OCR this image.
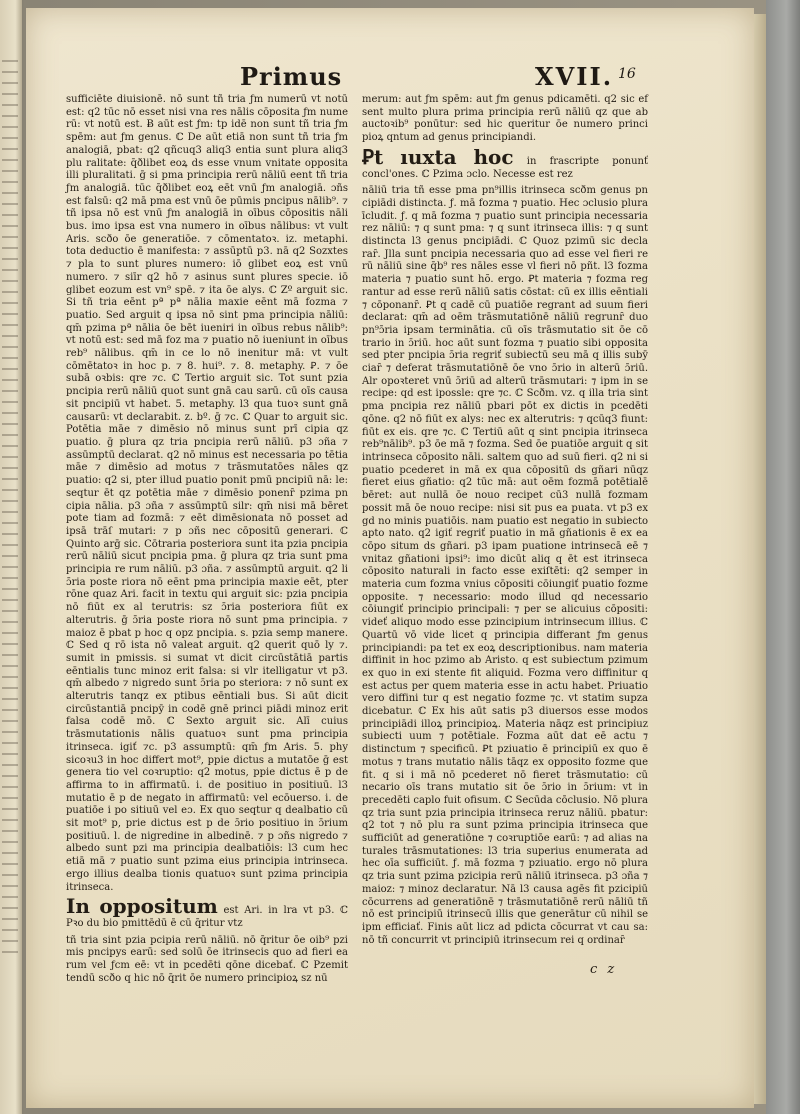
Primus	XVII. 16

sufficiēte diuisionē. nō sunt tñ tria ƒm numerū vt notū est: q2 tūc nō esset nisi vna res nālis cōposita ƒm nume rū: vt notū est. Ƀ aūt est ƒm: tp idē non sunt tñ tria ƒm spēm: aut ƒm genus. ℂ De aūt etiā non sunt tñ tria ƒm analogiā, pbat: q2 qñcuq3 aliq3 entia sunt plura aliq3 plu ralitate: q̄ðlibet eoꝝ ds esse vnum vnitate opposita illi pluralitati. ḡ si pma principia rerū nāliū eent tñ tria ƒm analogiā. tūc q̄ðlibet eoꝝ eēt vnū ƒm analogiā. ɔñs est falsū: q2 mā pma est vnū ōe pūmis pncipus nālib⁹. ⁊ tñ ipsa nō est vnū ƒm analogiā in oībus cōpositis nāli bus. imo ipsa est vna numero in oībus nālibus: vt vult Aris. scðo ōe generatiōe. ⁊ cōmentatoꝛ. iz. metaphi. tota deductio ē manifesta: ⁊ assūptū p3. nā q2 Sozxtes ⁊ pla to sunt plures numero: iō glibet eoꝝ est vnū numero. ⁊ siīr q2 hō ⁊ asinus sunt plures specie. iō glibet eozum est vn⁹ spē. ⁊ ita ōe alys. ℂ Zº arguit sic. Si tñ tria eēnt pª pª nālia maxie eēnt mā fozma ⁊ puatio. Sed arguit q ipsa nō sint pma principia nāliū: qm̄ pzima pª nālia ōe bēt iueniri in oībus rebus nālib⁹: vt notū est: sed mā foz ma ⁊ puatio nō iueniunt in oībus reb⁹ nālibus. qm̄ in ce lo nō inenitur mā: vt vult cōmētatoꝛ in hoc p. ⁊ 8. hui⁹. ⁊. 8. metaphy. Ꝑ. ⁊ ōe subā oꝛbis: qre ⁊c. ℂ Tertio arguit sic. Tot sunt pzia pncipia rerū nāliū quot sunt gnā cau sarū. cū oīs causa sit pncipiū vt habet. 5. metaphy. l3 qua tuoꝛ sunt gnā causarū: vt declarabit. z. bº. ḡ ⁊c. ℂ Quar to arguit sic. Potētia māe ⁊ dimēsio nō minus sunt prī cipia qz puatio. ḡ plura qz tria pncipia rerū nāliū. p3 ɔña ⁊ assūmptū declarat. q2 nō minus est necessaria po tētia māe ⁊ dimēsio ad motus ⁊ trāsmutatōes nāles qz puatio: q2 si, pter illud puatio ponit pmū pncipiū nā: le: seqtur ēt qz potētia māe ⁊ dimēsio ponenȓ pzima pn cipia nālia. p3 ɔña ⁊ assūmptū silr: qm̄ nisi mā bēret pote tiam ad fozmā: ⁊ eēt dimēsionata nō posset ad ipsā trāſ mutari: ⁊ p ɔñs nec cōpositū generari. ℂ Quinto arḡ sic. Cōtraria posteriora sunt ita pzia pncipia rerū nāliū sicut pncipia pma. ḡ plura qz tria sunt pma principia re rum nāliū. p3 ɔña. ⁊ assūmptū arguit. q2 li ɔ̄ria poste riora nō eēnt pma principia maxie eēt, pter rōne quaz Ari. facit in textu qui arguit sic: pzia pncipia nō fiūt ex al terutris: sz ɔ̄ria posteriora fiūt ex alterutris. ḡ ɔ̄ria poste riora nō sunt pma principia. ⁊ maioz ē pbat p hoc q opz pncipia. s. pzia semp manere. ℂ Sed q rō ista nō valeat arguit. q2 querit quō ly ⁊. sumit in pmissis. si sumat vt dicit circūstātiā partis eēntialis tunc minoz erit falsa: si vlr itelligatur vt p3. qm̄ albedo ⁊ nigredo sunt ɔ̄ria po steriora: ⁊ nō sunt ex alterutris tanqz ex ptibus eēntiali bus. Si aūt dicit circūstantiā pncipȳ in codē gnē princi piādi minoz erit falsa codē mō. ℂ Sexto arguit sic. Alī cuius trāsmutationis nālis quatuoꝛ sunt pma principia itrinseca. igiť ⁊c. p3 assumptū: qm̄ ƒm Aris. 5. phy sicoꝛu3 in hoc differt mot⁹, ppie dictus a mutatōe ḡ est genera tio vel coꝛruptio: q2 motus, ppie dictus ē p de affirma to in affirmatū. i. de positiuo in positiuū. l3 mutatio ē p de negato in affirmatū: vel ecōuerso. i. de puatiōe i po sitiuū vel eɔ. Ex quo seqtur q dealbatio cū sit mot⁹ p, prie dictus est p de ɔ̄rio positiuo in ɔ̄rium positiuū. l. de nigredine in albedinē. ⁊ p ɔñs nigredo ⁊ albedo sunt pzi ma principia dealbatiōis: l3 cum hec etiā mā ⁊ puatio sunt pzima eius principia intrinseca. ergo illius dealba tionis quatuoꝛ sunt pzima principia itrinseca.

In oppositum est Ari. in lra vt p3. ℂ Pꝛo du bio pmittēdū ē cū q̄ritur vtz

tñ tria sint pzia pcipia rerū nāliū. nō q̄ritur ōe oib⁹ pzi mis pncipys earū: sed solū ōe itrinsecis quo ad fieri ea rum vel ƒcm eē: vt in pcedēti qōne dicebať. ℂ Pzemit tendū scðo q hic nō q̄rit ōe numero principioꝝ sz nū

merum: aut ƒm spēm: aut ƒm genus pdicamēti. q2 sic ef sent multo plura prima principia rerū nāliū qz que ab auctoꝛib⁹ ponūtur: sed hic queritur ōe numero princi pioꝝ qntum ad genus principiandi.

Ꝑt ıuxta hoc in frascripte ponunť concl'ones. ℂ Pzima ɔclo. Necesse est rez

nāliū tria tñ esse pma pn⁹illis itrinseca scðm genus pn cipiādi distincta. ƒ. mā fozma ⁊ puatio. Hec ɔclusio plura īcludit. ƒ. q mā fozma ⁊ puatio sunt principia necessaria rez nāliū: ⁊ q sunt pma: ⁊ q sunt itrinseca illis: ⁊ q sunt distincta l3 genus pncipiādi. ℂ Quoz pzimū sic decla raȓ. Jlla sunt pncipia necessaria quo ad esse vel fieri re rū nāliū sine q̄b⁹ res nāles esse vl fieri nō pñt. l3 fozma materia ⁊ puatio sunt hõ. ergo. Ꝑt materia ⁊ fozma reg rantur ad esse rerū nāliū satis cōstat: cū ex illis eēntiali ⁊ cōponanȓ. Ꝑt q cadē cū puatiōe regrant ad suum fieri declarat: qm̄ ad oēm trāsmutatiōnē nāliū regrunȓ duo pn⁹ɔ̄ria ipsam terminātia. cū oīs trāsmutatio sit ōe cō trario in ɔ̄riū. hoc aūt sunt fozma ⁊ puatio sibi opposita sed pter pncipia ɔ̄ria regriť subiectū seu mā q illis subȳ ciaȓ ⁊ deferat trāsmutatiōnē ōe vno ɔ̄rio in alterū ɔ̄riū. Alr opoꝛteret vnū ɔ̄riū ad alterū trāsmutari: ⁊ ipm in se recipe: qd est ipossle: qre ⁊c. ℂ Scðm. vz. q illa tria sint pma pncipia rez nāliū pbari pōt ex dictis in pcedēti qōne. q2 nō fiūt ex alys: nec ex alterutris: ⁊ qcūq3 fiunt: fiūt ex eis. qre ⁊c. ℂ Tertiū aūt q sint pncipia itrinseca reb⁹nālib⁹. p3 ōe mā ⁊ fozma. Sed ōe puatiōe arguit q sit intrinseca cōposito nāli. saltem quo ad suū fieri. q2 ni si puatio pcederet in mā ex qua cōpositū ds gñari nūqz fieret eius gñatio: q2 tūc mā: aut oēm fozmā potētialē bēret: aut nullā ōe nouo recipet cū3 nullā fozmam possit mā ōe nouo recipe: nisi sit pus ea puata. vt p3 ex gd no minis puatiōis. nam puatio est negatio in subiecto apto nato. q2 igiť regriť puatio in mā gñationis ē ex ea cōpo situm ds gñari. p3 ipam puatione intrinsecā eē ⁊ vnitaz gñationi ipsi⁹: imo dicūt aliq q ēt est itrinseca cōposito naturali in facto esse exiſtēti: q2 semper in materia cum fozma vnius cōpositi cōiungiť puatio fozme opposite. ⁊ necessario: modo illud qd necessario cōiungiť principio principali: ⁊ per se alicuius cōpositi: videť aliquo modo esse pzincipium intrinsecum illius. ℂ Quartū vō vide licet q principia differant ƒm genus principiandi: pa tet ex eoꝝ descriptionibus. nam materia diffinit in hoc pzimo ab Aristo. q est subiectum pzimum ex quo in exi stente fit aliquid. Fozma vero diffinitur q est actus per quem materia esse in actu habet. Priuatio vero diffini tur q est negatio fozme ⁊c. vt statim supza dicebatur. ℂ Ex his aūt satis p3 diuersos esse modos principiādi illoꝝ principioꝝ. Materia nāqz est principiuz subiecti uum ⁊ potētiale. Fozma aūt dat eē actu ⁊ distinctum ⁊ specificū. Ꝑt pziuatio ē principiū ex quo ē motus ⁊ trans mutatio nālis tāqz ex opposito fozme que fit. q si i mā nō pcederet nō fieret trāsmutatio: cū necario oīs trans mutatio sit ōe ɔ̄rio in ɔ̄rium: vt in precedēti caplo fuit ofisum. ℂ Secūda cōclusio. Nō plura qz tria sunt pzia principia itrinseca reruz nāliū. pbatur: q2 tot ⁊ nō plu ra sunt pzima principia itrinseca que sufficiūt ad generatiōne ⁊ coꝛruptiōe earū: ⁊ ad alias na turales trāsmutationes: l3 tria superius enumerata ad hec oīa sufficiūt. ƒ. mā fozma ⁊ pziuatio. ergo nō plura qz tria sunt pzima pzicipia rerū nāliū itrinseca. p3 ɔña ⁊ maioz: ⁊ minoz declaratur. Nā l3 causa agēs fit pzicipiū cōcurrens ad generatiōnē ⁊ trāsmutatiōnē rerū nāliū tñ nō est principiū itrinsecū illis que generātur cū nihil se ipm efficiať. Finis aūt licz ad pdicta cōcurrat vt cau sa: nō tñ concurrit vt principiū itrinsecum rei q ordinaȓ

c z
